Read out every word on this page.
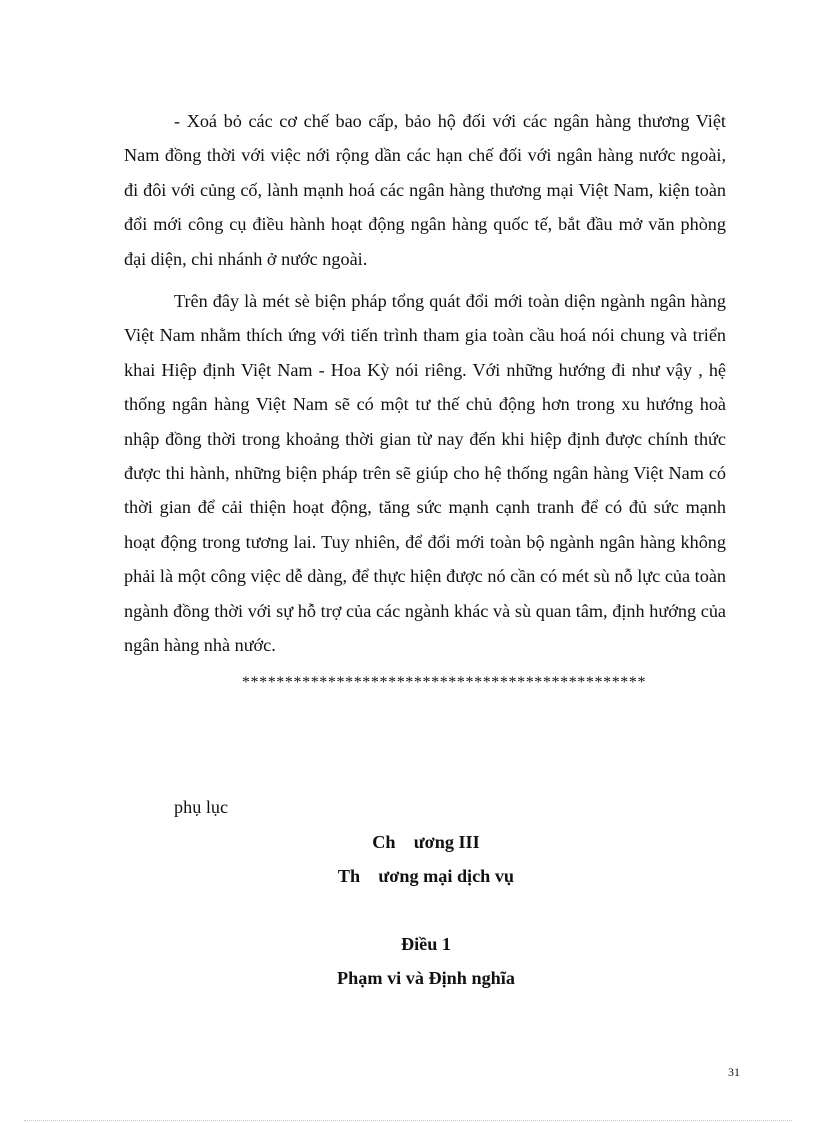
- Xoá bỏ các cơ chế bao cấp, bảo hộ đối với các ngân hàng thương Việt Nam đồng thời với việc nới rộng dần các hạn chế đối với ngân hàng nước ngoài, đi đôi với củng cố, lành mạnh hoá các ngân hàng thương mại Việt Nam, kiện toàn đổi mới công cụ điều hành hoạt động ngân hàng quốc tế, bắt đầu mở văn phòng đại diện, chi nhánh ở nước ngoài.

Trên đây là mét sè biện pháp tổng quát đổi mới toàn diện ngành ngân hàng Việt Nam nhằm thích ứng với tiến trình tham gia toàn cầu hoá nói chung và triển khai Hiệp định Việt Nam - Hoa Kỳ nói riêng. Với những hướng đi như vậy , hệ thống ngân hàng Việt Nam sẽ có một tư thế chủ động hơn trong xu hướng hoà nhập đồng thời trong khoảng thời gian từ nay đến khi hiệp định được chính thức được thi hành, những biện pháp trên sẽ giúp cho hệ thống ngân hàng Việt Nam có thời gian để cải thiện hoạt động, tăng sức mạnh cạnh tranh để có đủ sức mạnh hoạt động trong tương lai. Tuy nhiên, để đổi mới toàn bộ ngành ngân hàng không phải là một công việc dễ dàng, để thực hiện được nó cần có mét sù nỗ lực của toàn ngành đồng thời với sự hỗ trợ của các ngành khác và sù quan tâm, định hướng của ngân hàng nhà nước.

***********************************************
phụ lục
Ch    ương III
Th    ương mại dịch vụ
Điều 1
Phạm vi và Định nghĩa
31
